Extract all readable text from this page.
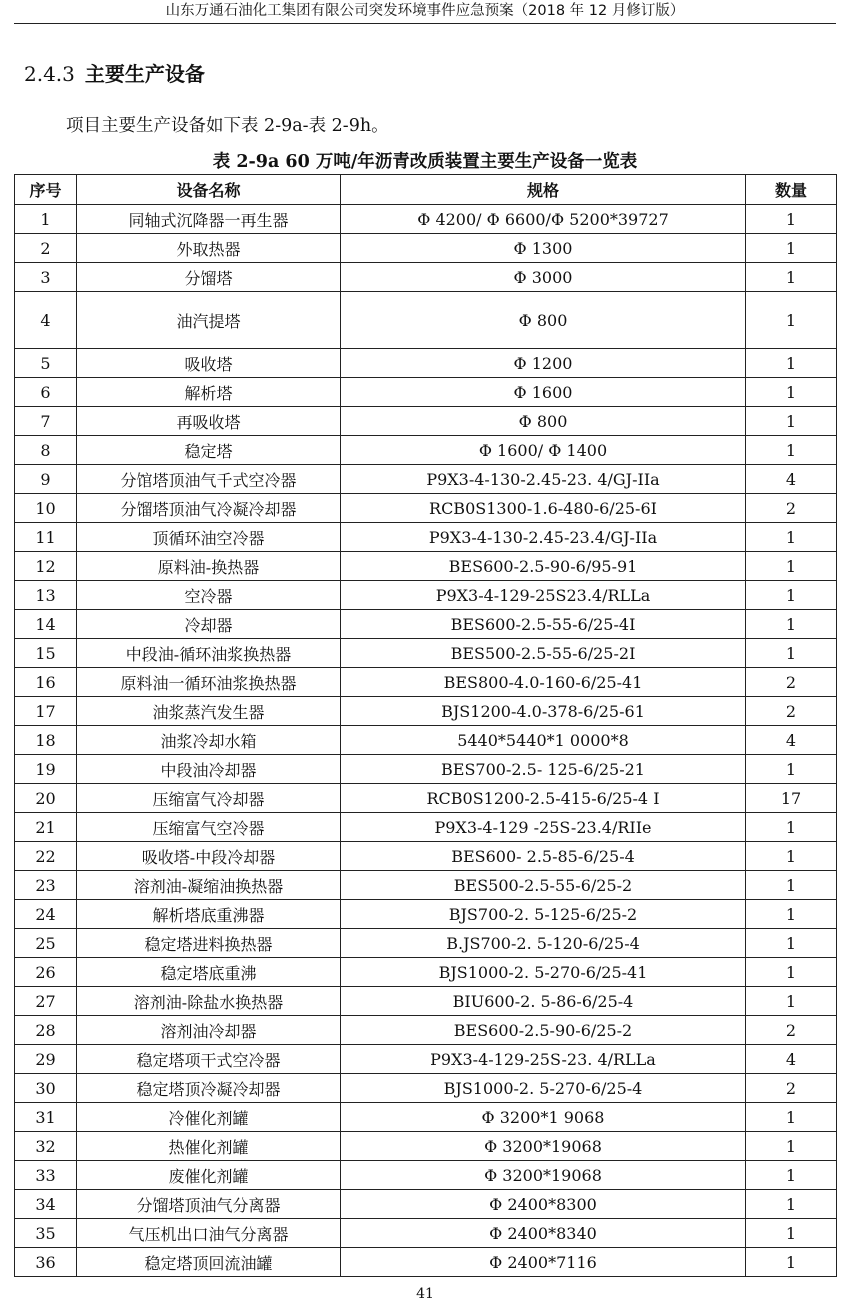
山东万通石油化工集团有限公司突发环境事件应急预案（2018 年 12 月修订版）
2.4.3 主要生产设备
项目主要生产设备如下表 2-9a-表 2-9h。
表 2-9a 60 万吨/年沥青改质装置主要生产设备一览表
序号	设备名称	规格	数量
1	同轴式沉降器一再生器	Φ 4200/ Φ 6600/Φ 5200*39727	1
2	外取热器	Φ 1300	1
3	分馏塔	Φ 3000	1
4	油汽提塔	Φ 800	1
5	吸收塔	Φ 1200	1
6	解析塔	Φ 1600	1
7	再吸收塔	Φ 800	1
8	稳定塔	Φ 1600/ Φ 1400	1
9	分馆塔顶油气千式空冷器	P9X3-4-130-2.45-23. 4/GJ-IIa	4
10	分馏塔顶油气冷凝冷却器	RCB0S1300-1.6-480-6/25-6I	2
11	顶循环油空冷器	P9X3-4-130-2.45-23.4/GJ-IIa	1
12	原料油-换热器	BES600-2.5-90-6/95-91	1
13	空冷器	P9X3-4-129-25S23.4/RLLa	1
14	冷却器	BES600-2.5-55-6/25-4I	1
15	中段油-循环油浆换热器	BES500-2.5-55-6/25-2I	1
16	原料油一循环油浆换热器	BES800-4.0-160-6/25-41	2
17	油浆蒸汽发生器	BJS1200-4.0-378-6/25-61	2
18	油浆冷却水箱	5440*5440*1 0000*8	4
19	中段油冷却器	BES700-2.5- 125-6/25-21	1
20	压缩富气冷却器	RCB0S1200-2.5-415-6/25-4 I	17
21	压缩富气空冷器	P9X3-4-129 -25S-23.4/RIIe	1
22	吸收塔-中段冷却器	BES600- 2.5-85-6/25-4	1
23	溶剂油-凝缩油换热器	BES500-2.5-55-6/25-2	1
24	解析塔底重沸器	BJS700-2. 5-125-6/25-2	1
25	稳定塔进料换热器	B.JS700-2. 5-120-6/25-4	1
26	稳定塔底重沸	BJS1000-2. 5-270-6/25-41	1
27	溶剂油-除盐水换热器	BIU600-2. 5-86-6/25-4	1
28	溶剂油冷却器	BES600-2.5-90-6/25-2	2
29	稳定塔项干式空冷器	P9X3-4-129-25S-23. 4/RLLa	4
30	稳定塔顶冷凝冷却器	BJS1000-2. 5-270-6/25-4	2
31	冷催化剂罐	Φ 3200*1 9068	1
32	热催化剂罐	Φ 3200*19068	1
33	废催化剂罐	Φ 3200*19068	1
34	分馏塔顶油气分离器	Φ 2400*8300	1
35	气压机出口油气分离器	Φ 2400*8340	1
36	稳定塔顶回流油罐	Φ 2400*7116	1
41
